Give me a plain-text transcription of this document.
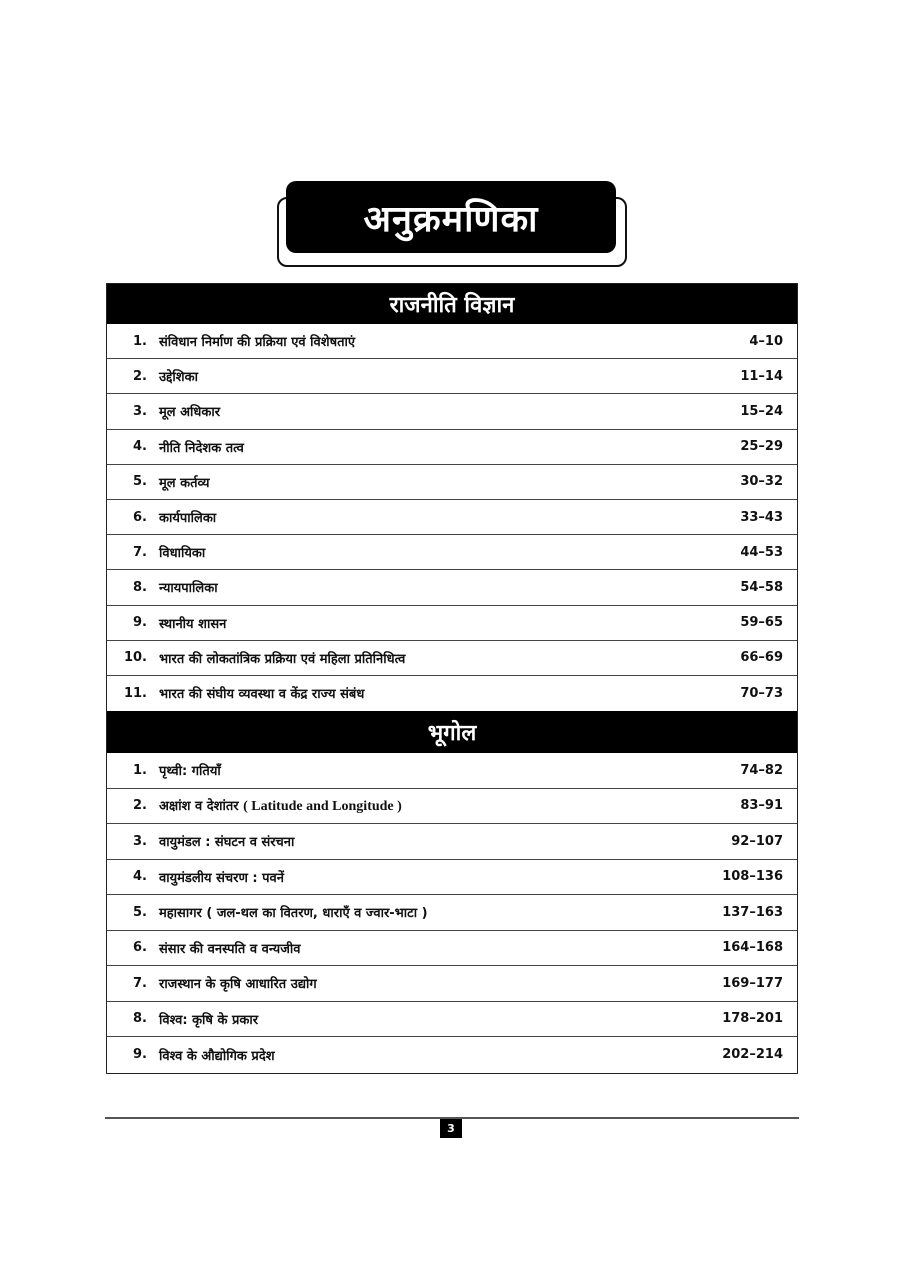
अनुक्रमणिका
राजनीति विज्ञान
1. संविधान निर्माण की प्रक्रिया एवं विशेषताएं	4–10
2. उद्देशिका	11–14
3. मूल अधिकार	15–24
4. नीति निदेशक तत्व	25–29
5. मूल कर्तव्य	30–32
6. कार्यपालिका	33–43
7. विधायिका	44–53
8. न्यायपालिका	54–58
9. स्थानीय शासन	59–65
10. भारत की लोकतांत्रिक प्रक्रिया एवं महिला प्रतिनिधित्व	66–69
11. भारत की संघीय व्यवस्था व केंद्र राज्य संबंध	70–73
भूगोल
1. पृथ्वी: गतियाँ	74–82
2. अक्षांश व देशांतर ( Latitude and Longitude )	83–91
3. वायुमंडल : संघटन व संरचना	92–107
4. वायुमंडलीय संचरण : पवनें	108–136
5. महासागर ( जल-थल का वितरण, धाराएँ व ज्वार-भाटा )	137–163
6. संसार की वनस्पति व वन्यजीव	164–168
7. राजस्थान के कृषि आधारित उद्योग	169–177
8. विश्व: कृषि के प्रकार	178–201
9. विश्व के औद्योगिक प्रदेश	202–214
3
